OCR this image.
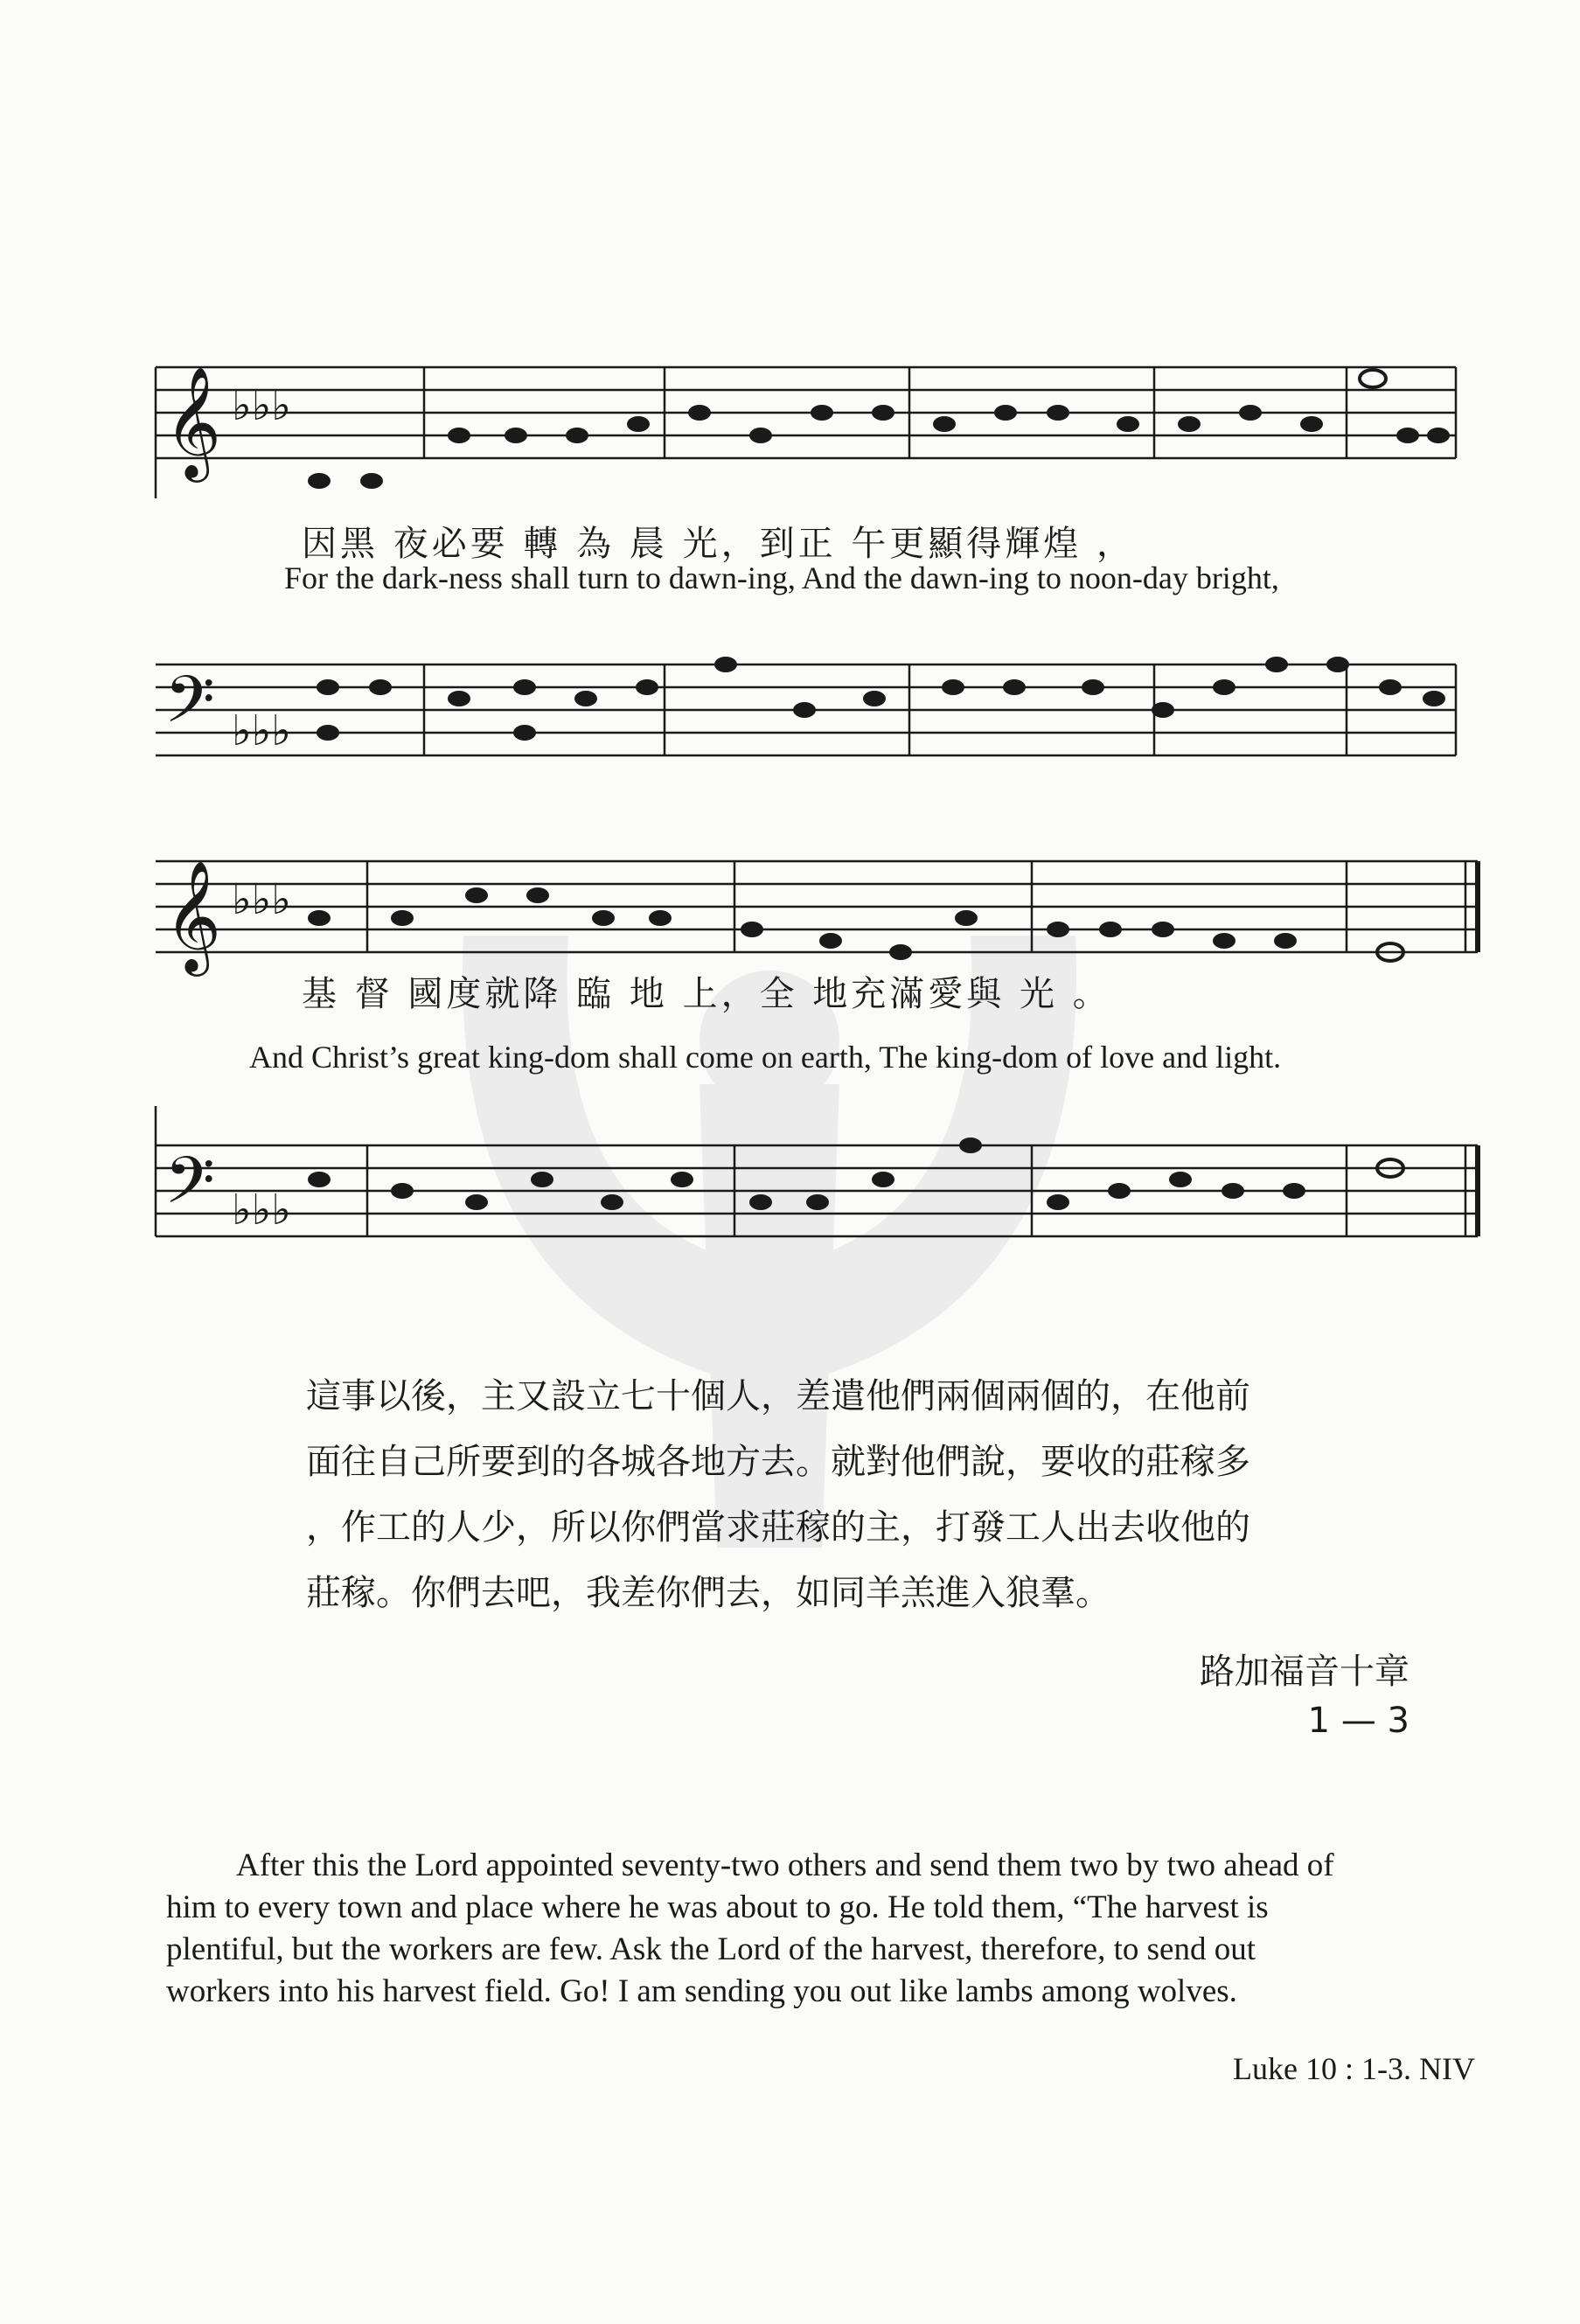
𝄞 ♭♭♭
因黑 夜必要 轉 為 晨 光，到正 午更顯得輝煌 ，
For the dark-ness shall turn to dawn-ing, And the dawn-ing to noon-day bright,
𝄢 ♭♭♭
𝄞 ♭♭♭
基 督 國度就降 臨 地 上，全 地充滿愛與 光 。
And Christ’s great king-dom shall come on earth, The king-dom of love and light.
𝄢 ♭♭♭
這事以後，主又設立七十個人，差遣他們兩個兩個的，在他前
面往自己所要到的各城各地方去。就對他們說，要收的莊稼多
，作工的人少，所以你們當求莊稼的主，打發工人出去收他的
莊稼。你們去吧，我差你們去，如同羊羔進入狼羣。
路加福音十章
1 — 3
After this the Lord appointed seventy-two others and send them two by two ahead of
him to every town and place where he was about to go. He told them, “The harvest is
plentiful, but the workers are few. Ask the Lord of the harvest, therefore, to send out
workers into his harvest field. Go! I am sending you out like lambs among wolves.
Luke 10 : 1-3. NIV
